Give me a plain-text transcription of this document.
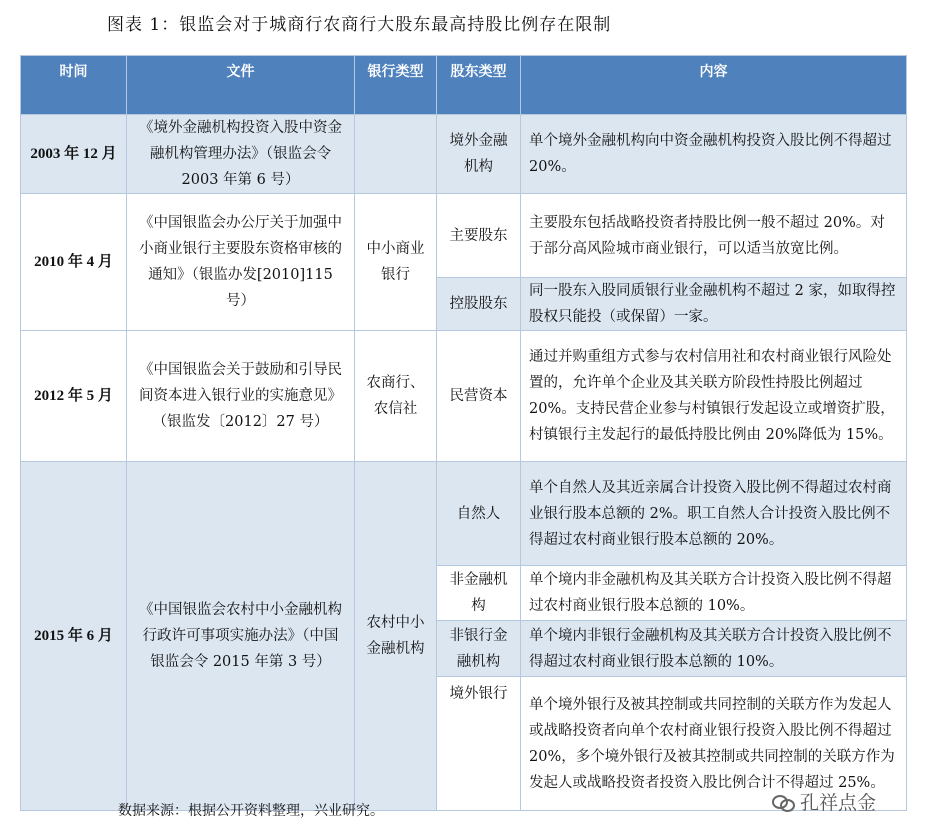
图表 1：银监会对于城商行农商行大股东最高持股比例存在限制
时间	文件	银行类型	股东类型	内容
2003 年 12 月	《境外金融机构投资入股中资金融机构管理办法》（银监会令 2003 年第 6 号）		境外金融机构	单个境外金融机构向中资金融机构投资入股比例不得超过 20%。
2010 年 4 月	《中国银监会办公厅关于加强中小商业银行主要股东资格审核的通知》（银监办发[2010]115 号）	中小商业银行	主要股东	主要股东包括战略投资者持股比例一般不超过 20%。对于部分高风险城市商业银行，可以适当放宽比例。
			控股股东	同一股东入股同质银行业金融机构不超过 2 家，如取得控股权只能投（或保留）一家。
2012 年 5 月	《中国银监会关于鼓励和引导民间资本进入银行业的实施意见》（银监发〔2012〕27 号）	农商行、农信社	民营资本	通过并购重组方式参与农村信用社和农村商业银行风险处置的，允许单个企业及其关联方阶段性持股比例超过 20%。支持民营企业参与村镇银行发起设立或增资扩股，村镇银行主发起行的最低持股比例由 20%降低为 15%。
2015 年 6 月	《中国银监会农村中小金融机构行政许可事项实施办法》（中国银监会令 2015 年第 3 号）	农村中小金融机构	自然人	单个自然人及其近亲属合计投资入股比例不得超过农村商业银行股本总额的 2%。职工自然人合计投资入股比例不得超过农村商业银行股本总额的 20%。
			非金融机构	单个境内非金融机构及其关联方合计投资入股比例不得超过农村商业银行股本总额的 10%。
			非银行金融机构	单个境内非银行金融机构及其关联方合计投资入股比例不得超过农村商业银行股本总额的 10%。
			境外银行	单个境外银行及被其控制或共同控制的关联方作为发起人或战略投资者向单个农村商业银行投资入股比例不得超过 20%，多个境外银行及被其控制或共同控制的关联方作为发起人或战略投资者投资入股比例合计不得超过 25%。
数据来源：根据公开资料整理，兴业研究。	孔祥点金
